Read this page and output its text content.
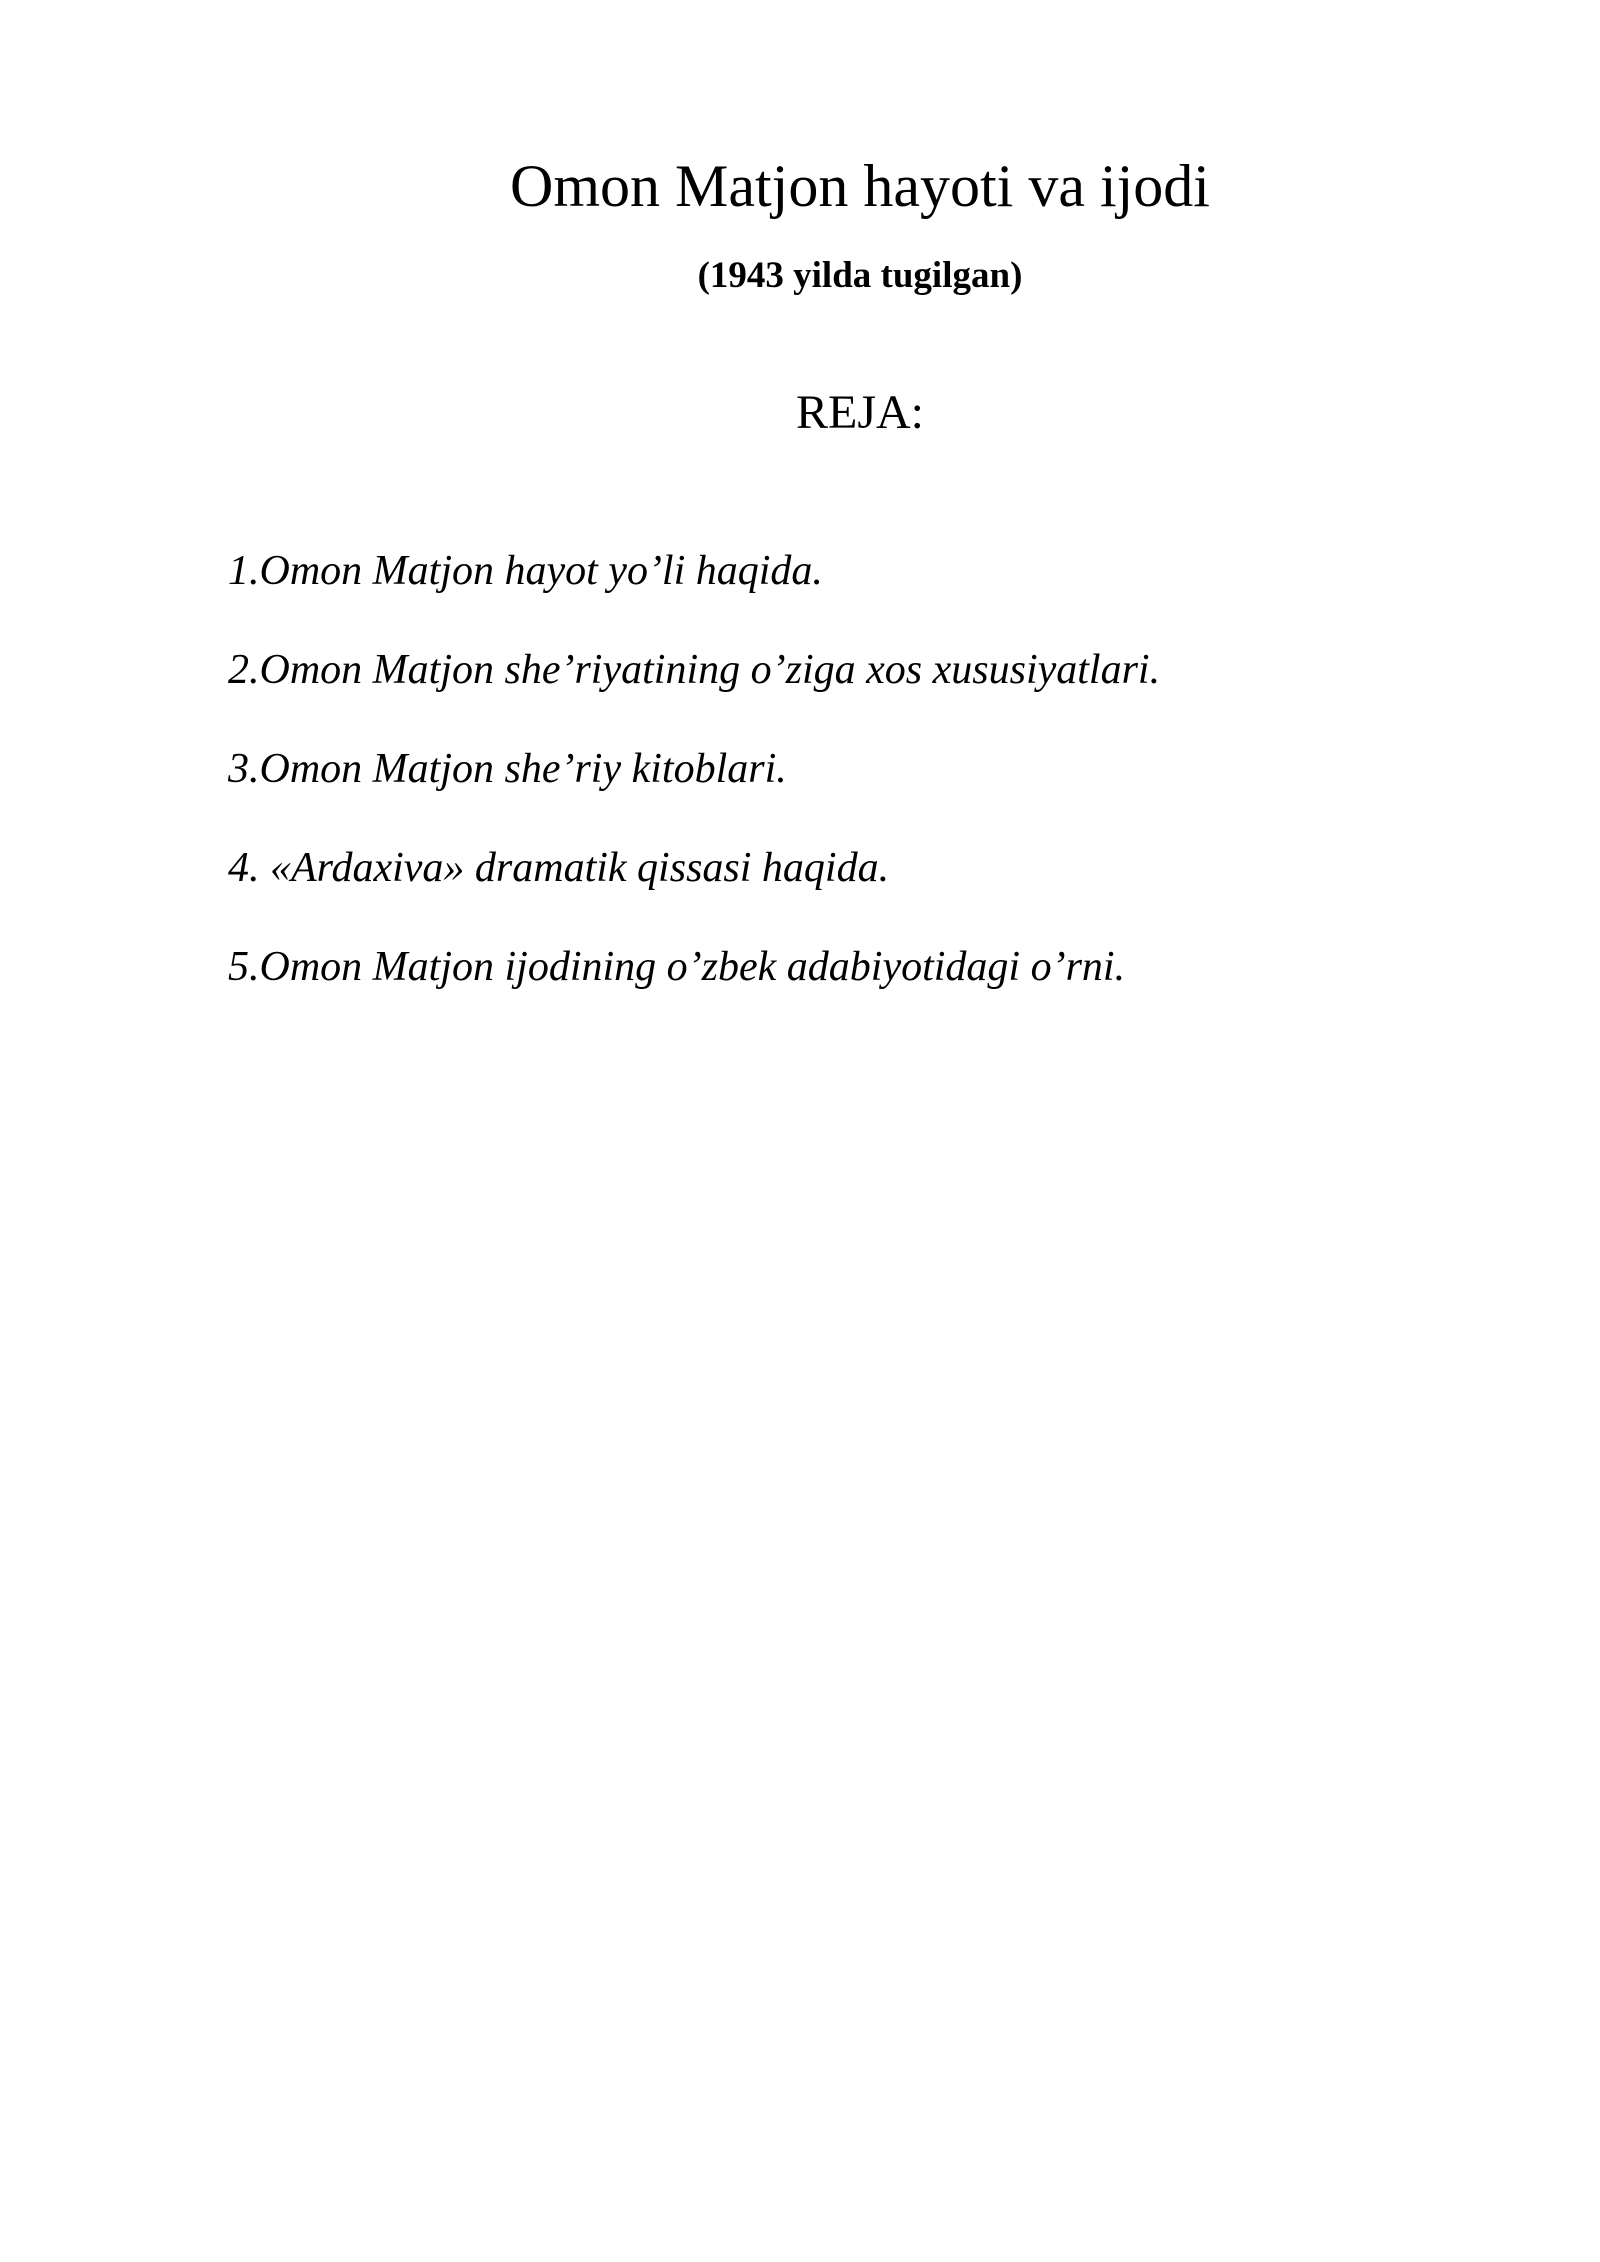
Omon Matjon hayoti va ijodi
(1943 yilda tugilgan)
REJA:
1.Omon Matjon hayot yo’li haqida.
2.Omon Matjon she’riyatining o’ziga xos xususiyatlari.
3.Omon Matjon she’riy kitoblari.
4. «Ardaxiva» dramatik qissasi haqida.
5.Omon Matjon ijodining o’zbek adabiyotidagi o’rni.
